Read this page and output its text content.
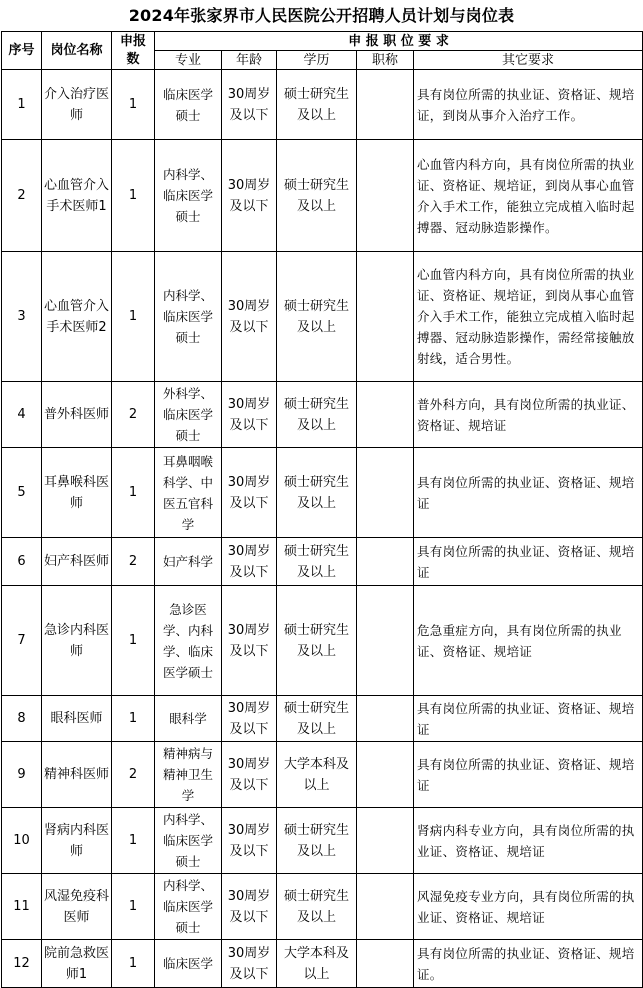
2024年张家界市人民医院公开招聘人员计划与岗位表
序号	岗位名称	申报数	申 报 职 位 要 求				
			专业	年龄	学历	职称	其它要求
1	介入治疗医师	1	临床医学硕士	30周岁及以下	硕士研究生及以上		具有岗位所需的执业证、资格证、规培证，到岗从事介入治疗工作。
2	心血管介入手术医师1	1	内科学、临床医学硕士	30周岁及以下	硕士研究生及以上		心血管内科方向，具有岗位所需的执业证、资格证、规培证，到岗从事心血管介入手术工作，能独立完成植入临时起搏器、冠动脉造影操作。
3	心血管介入手术医师2	1	内科学、临床医学硕士	30周岁及以下	硕士研究生及以上		心血管内科方向，具有岗位所需的执业证、资格证、规培证，到岗从事心血管介入手术工作，能独立完成植入临时起搏器、冠动脉造影操作，需经常接触放射线，适合男性。
4	普外科医师	2	外科学、临床医学硕士	30周岁及以下	硕士研究生及以上		普外科方向，具有岗位所需的执业证、资格证、规培证
5	耳鼻喉科医师	1	耳鼻咽喉科学、中医五官科学	30周岁及以下	硕士研究生及以上		具有岗位所需的执业证、资格证、规培证
6	妇产科医师	2	妇产科学	30周岁及以下	硕士研究生及以上		具有岗位所需的执业证、资格证、规培证
7	急诊内科医师	1	急诊医学、内科学、临床医学硕士	30周岁及以下	硕士研究生及以上		危急重症方向，具有岗位所需的执业证、资格证、规培证
8	眼科医师	1	眼科学	30周岁及以下	硕士研究生及以上		具有岗位所需的执业证、资格证、规培证
9	精神科医师	2	精神病与精神卫生学	30周岁及以下	大学本科及以上		具有岗位所需的执业证、资格证、规培证
10	肾病内科医师	1	内科学、临床医学硕士	30周岁及以下	硕士研究生及以上		肾病内科专业方向，具有岗位所需的执业证、资格证、规培证
11	风湿免疫科医师	1	内科学、临床医学硕士	30周岁及以下	硕士研究生及以上		风湿免疫专业方向，具有岗位所需的执业证、资格证、规培证
12	院前急救医师1	1	临床医学	30周岁及以下	大学本科及以上		具有岗位所需的执业证、资格证、规培证。
